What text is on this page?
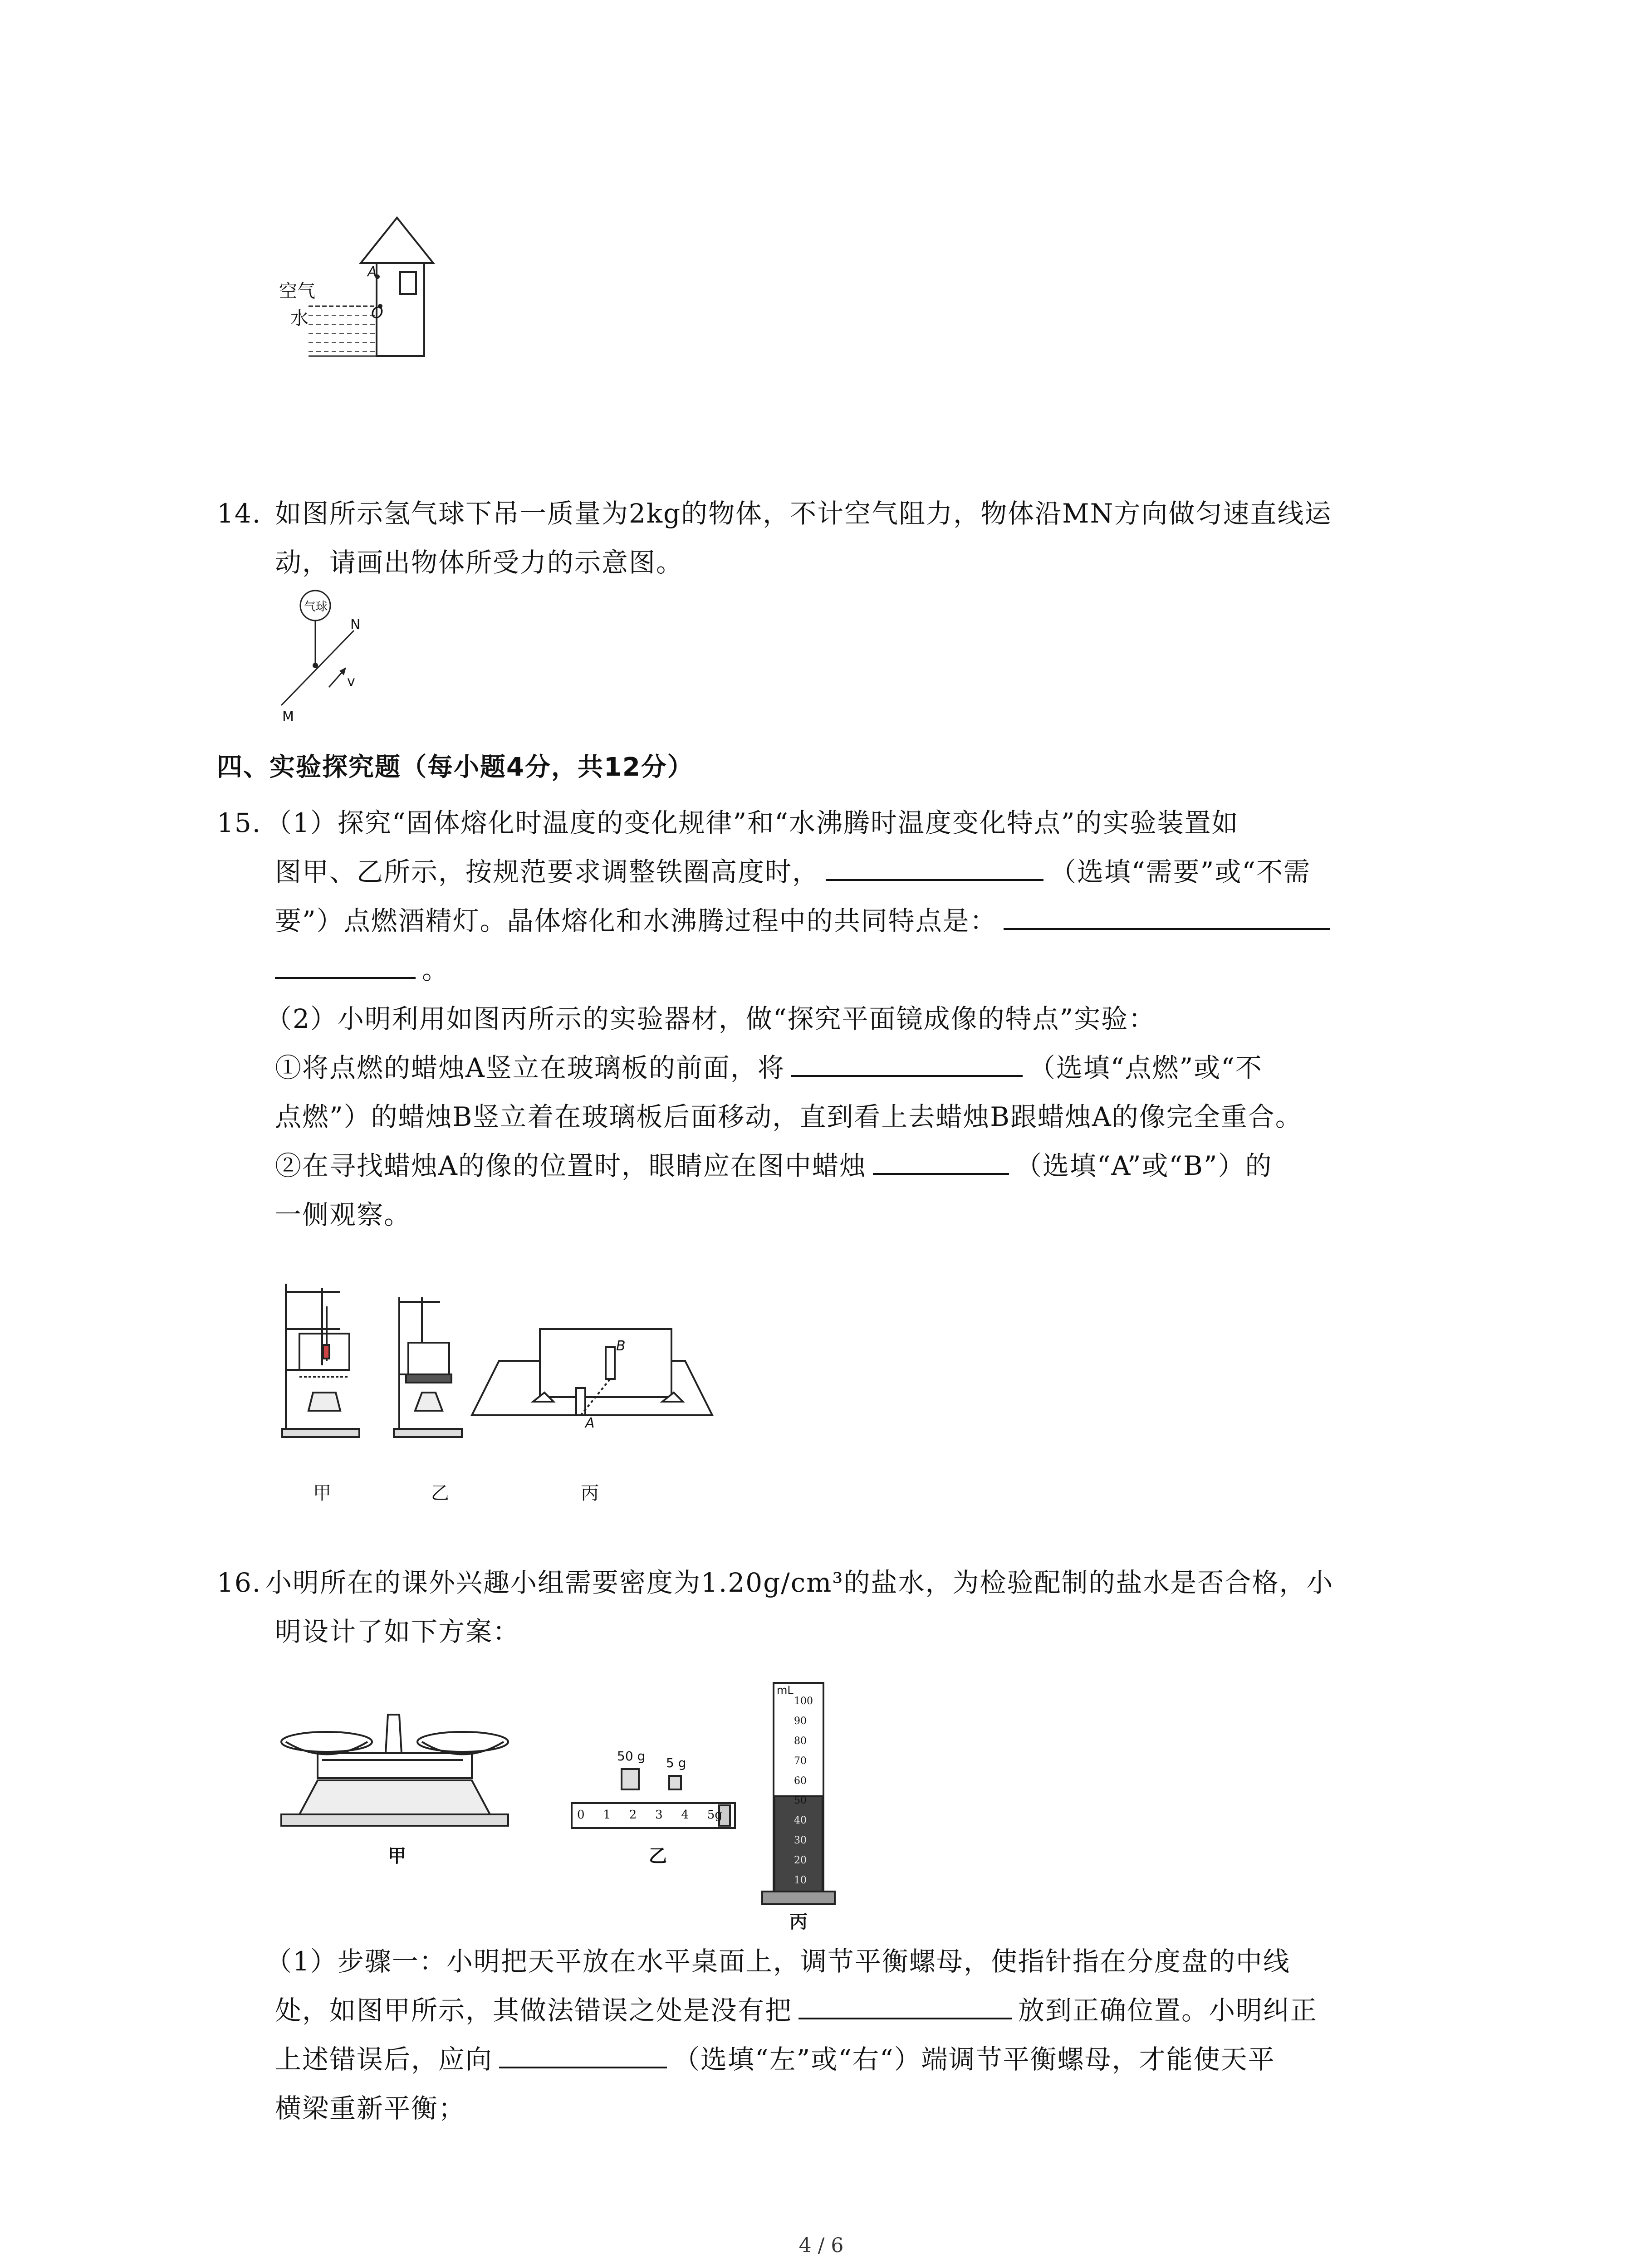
空气
水
A
O
14. 如图所示氢气球下吊一质量为2kg的物体，不计空气阻力，物体沿MN方向做匀速直线运
动，请画出物体所受力的示意图。
气球
N
v
M
四、实验探究题（每小题4分，共12分）
15. （1）探究“固体熔化时温度的变化规律”和“水沸腾时温度变化特点”的实验装置如
图甲、乙所示，按规范要求调整铁圈高度时，	（选填“需要”或“不需
要”）点燃酒精灯。晶体熔化和水沸腾过程中的共同特点是：
。
（2）小明利用如图丙所示的实验器材，做“探究平面镜成像的特点”实验：
①将点燃的蜡烛A竖立在玻璃板的前面，将	（选填“点燃”或“不
点燃”）的蜡烛B竖立着在玻璃板后面移动，直到看上去蜡烛B跟蜡烛A的像完全重合。
②在寻找蜡烛A的像的位置时，眼睛应在图中蜡烛	（选填“A”或“B”）的
一侧观察。
B
A
甲	乙	丙
16. 小明所在的课外兴趣小组需要密度为1.20g/cm³的盐水，为检验配制的盐水是否合格，小
明设计了如下方案：
50 g 5 g
0 1 2 3 4 5g
mL
100
90
80
70
60
50
40
30
20
10
甲	乙
丙
（1）步骤一：小明把天平放在水平桌面上，调节平衡螺母，使指针指在分度盘的中线
处，如图甲所示，其做法错误之处是没有把	放到正确位置。小明纠正
上述错误后，应向	（选填“左”或“右“）端调节平衡螺母，才能使天平
横梁重新平衡；
4 / 6
